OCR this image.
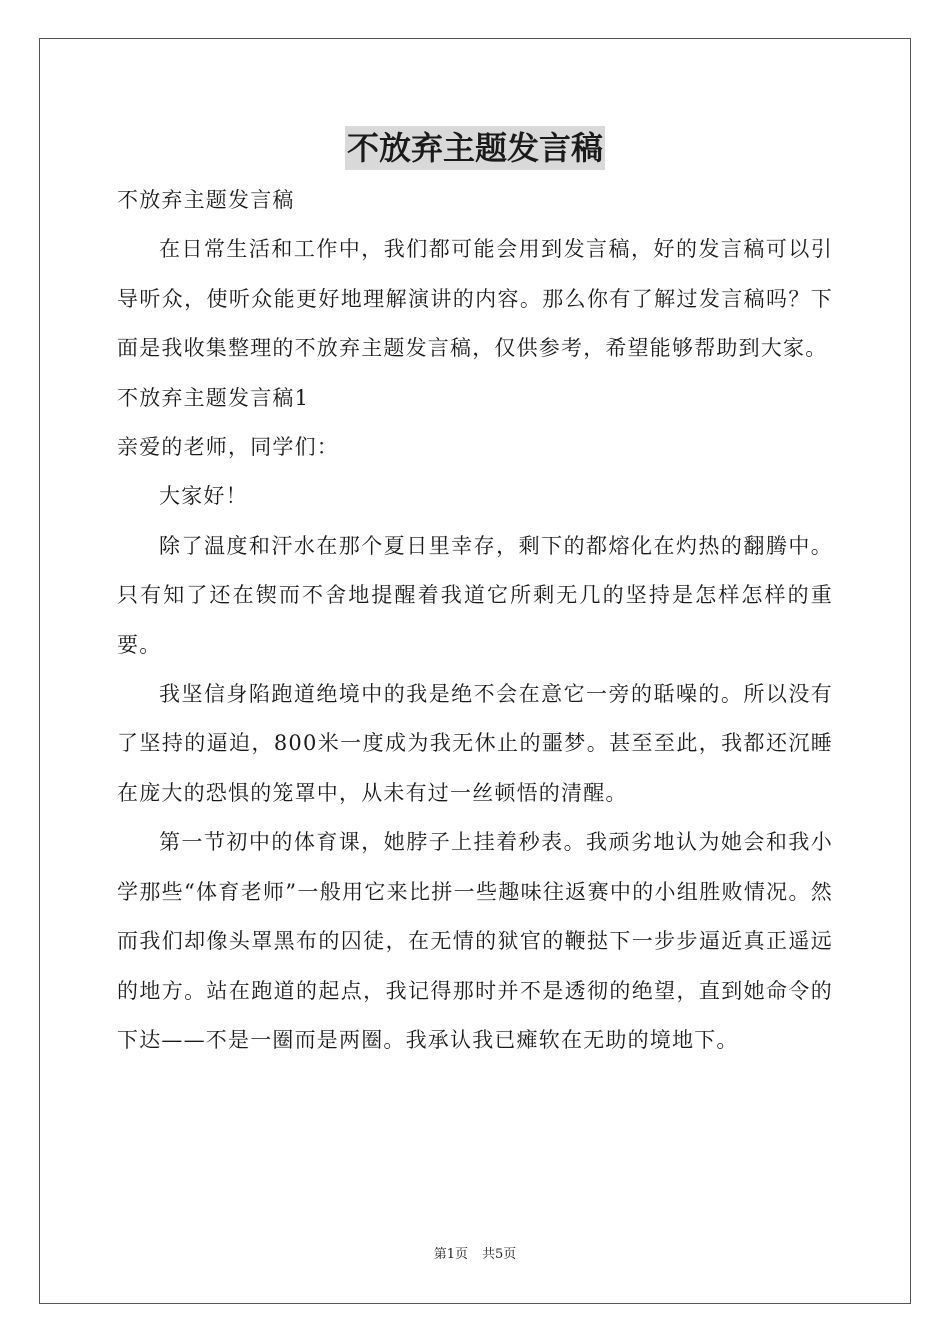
不放弃主题发言稿

不放弃主题发言稿

在日常生活和工作中，我们都可能会用到发言稿，好的发言稿可以引导听众，使听众能更好地理解演讲的内容。那么你有了解过发言稿吗？下面是我收集整理的不放弃主题发言稿，仅供参考，希望能够帮助到大家。

不放弃主题发言稿1

亲爱的老师，同学们：

大家好！

除了温度和汗水在那个夏日里幸存，剩下的都熔化在灼热的翻腾中。只有知了还在锲而不舍地提醒着我道它所剩无几的坚持是怎样怎样的重要。

我坚信身陷跑道绝境中的我是绝不会在意它一旁的聒噪的。所以没有了坚持的逼迫，800米一度成为我无休止的噩梦。甚至至此，我都还沉睡在庞大的恐惧的笼罩中，从未有过一丝顿悟的清醒。

第一节初中的体育课，她脖子上挂着秒表。我顽劣地认为她会和我小学那些“体育老师”一般用它来比拼一些趣味往返赛中的小组胜败情况。然而我们却像头罩黑布的囚徒，在无情的狱官的鞭挞下一步步逼近真正遥远的地方。站在跑道的起点，我记得那时并不是透彻的绝望，直到她命令的下达——不是一圈而是两圈。我承认我已瘫软在无助的境地下。

第1页 共5页
